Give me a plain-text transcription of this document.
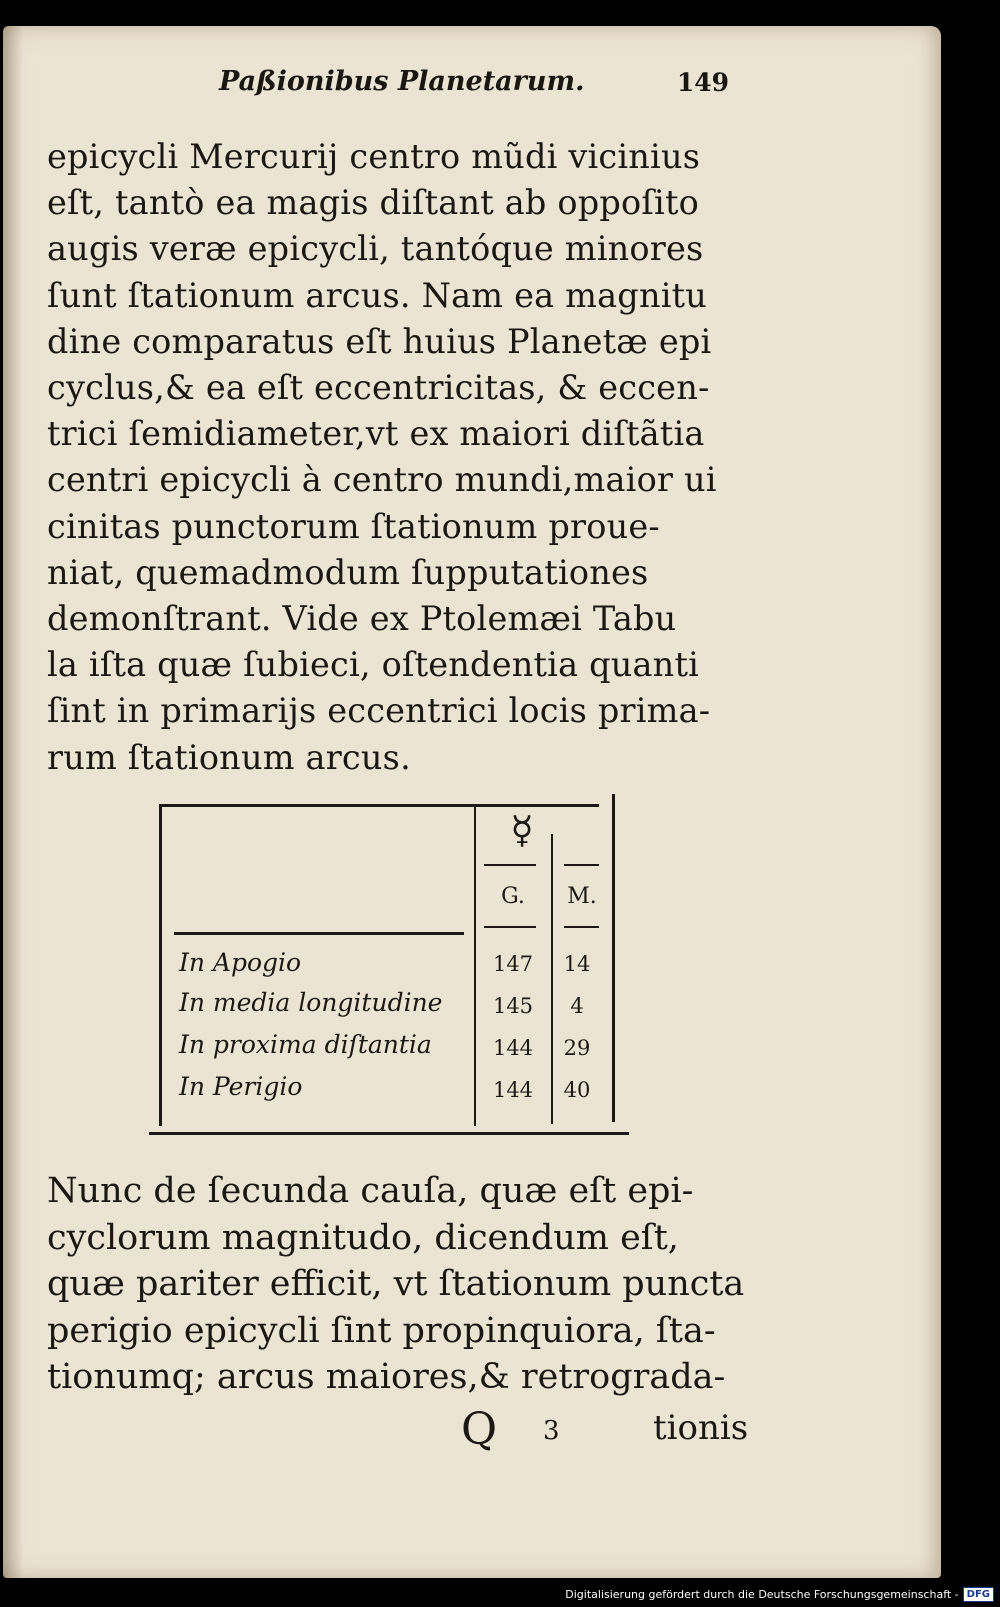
Paßionibus Planetarum.	149
epicycli Mercurij centro mũdi vicinius
eſt, tantò ea magis diſtant ab oppoſito
augis veræ epicycli, tantóque minores
ſunt ſtationum arcus. Nam ea magnitu
dine comparatus eſt huius Planetæ epi
cyclus,& ea eſt eccentricitas, & eccen-
trici ſemidiameter,vt ex maiori diſtãtia
centri epicycli à centro mundi,maior ui
cinitas punctorum ſtationum proue-
niat, quemadmodum ſupputationes
demonſtrant. Vide ex Ptolemæi Tabu
la iſta quæ ſubieci, oſtendentia quanti
ſint in primarijs eccentrici locis prima-
rum ſtationum arcus.
☿
G.	M.
In Apogio	147	14
In media longitudine	145	4
In proxima diſtantia	144	29
In Perigio	144	40
Nunc de ſecunda cauſa, quæ eſt epi-
cyclorum magnitudo, dicendum eſt,
quæ pariter efficit, vt ſtationum puncta
perigio epicycli ſint propinquiora, ſta-
tionumq; arcus maiores,& retrograda-
Q 3	tionis
Digitalisierung gefördert durch die Deutsche Forschungsgemeinschaft - DFG
